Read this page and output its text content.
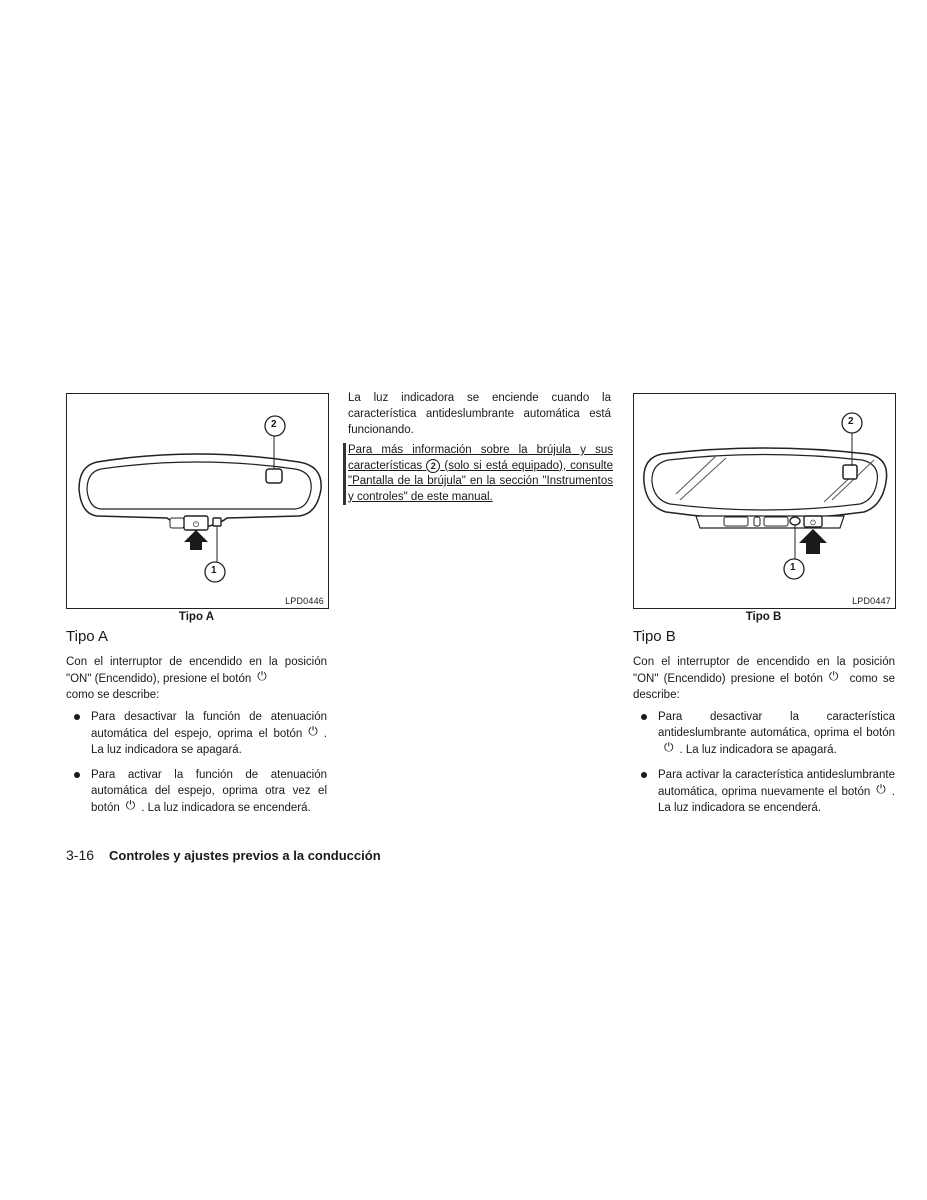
⏻
1
2
LPD0446
Tipo A
Tipo A

Con el interruptor de encendido en la posición "ON" (Encendido), presione el botón ⏻
como se describe:

Para desactivar la función de atenuación automática del espejo, oprima el botón ⏻ . La luz indicadora se apagará.
Para activar la función de atenuación automática del espejo, oprima otra vez el botón ⏻ . La luz indicadora se encenderá.

La luz indicadora se enciende cuando la característica antideslumbrante automática está funcionando.

Para más información sobre la brújula y sus características 2 (solo si está equipado), consulte "Pantalla de la brújula" en la sección "Instrumentos y controles" de este manual.

⏻
1
2
LPD0447
Tipo B
Tipo B

Con el interruptor de encendido en la posición "ON" (Encendido) presione el botón ⏻ como se describe:

Para desactivar la característica antideslumbrante automática, oprima el botón⏻ . La luz indicadora se apagará.
Para activar la característica antideslumbrante automática, oprima nuevamente el botón ⏻ . La luz indicadora se encenderá.
3-16 Controles y ajustes previos a la conducción
